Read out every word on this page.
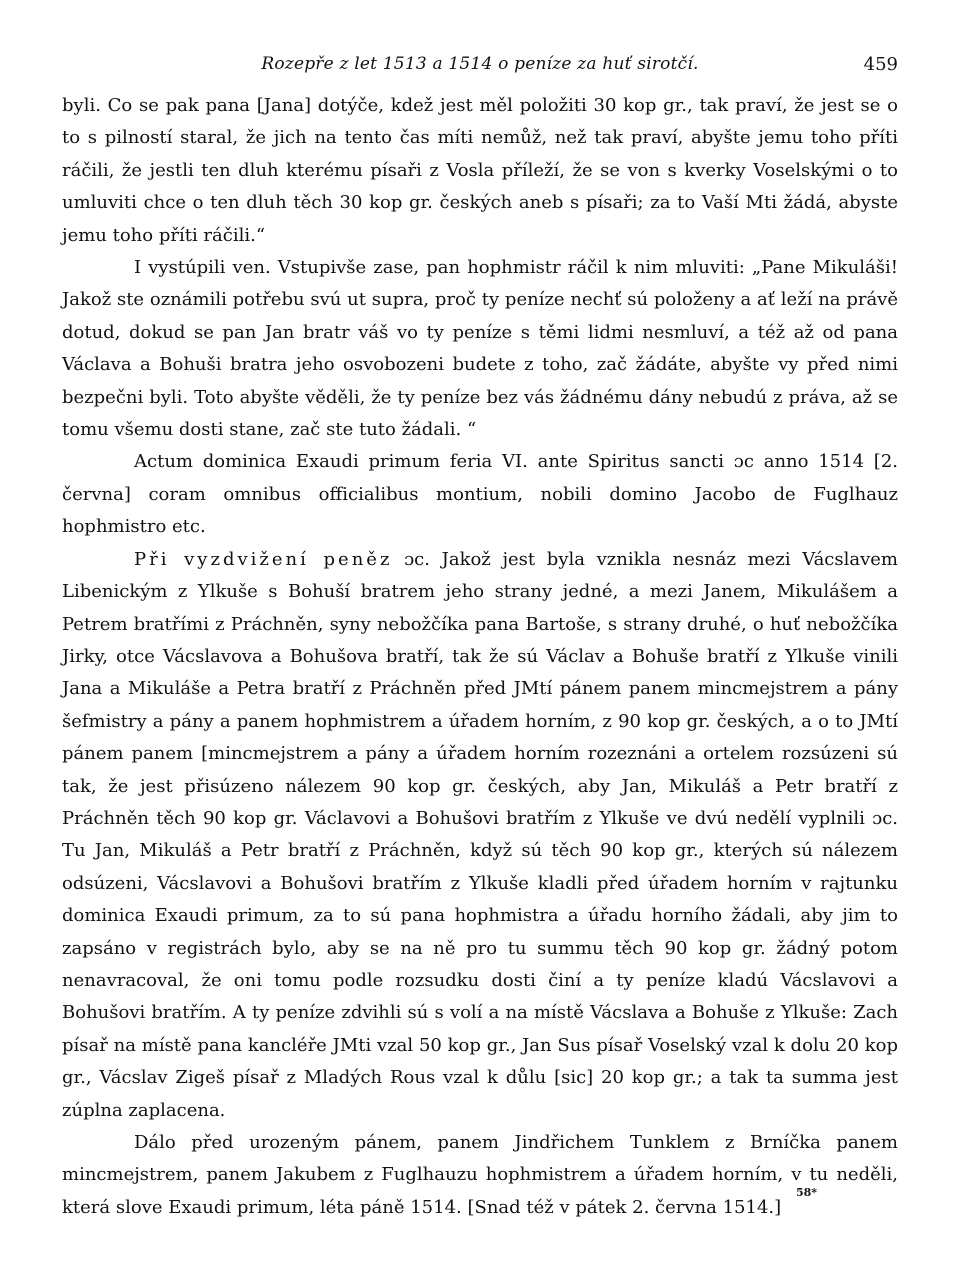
Rozepře z let 1513 a 1514 o peníze za huť sirotčí.	459

byli. Co se pak pana [Jana] dotýče, kdež jest měl položiti 30 kop gr., tak praví, že jest se o to s pilností staral, že jich na tento čas míti nemůž, než tak praví, abyšte jemu toho příti ráčili, že jestli ten dluh kterému písaři z Vosla příleží, že se von s kverky Voselskými o to umluviti chce o ten dluh těch 30 kop gr. českých aneb s písaři; za to Vaší Mti žádá, abyste jemu toho příti ráčili.“

I vystúpili ven. Vstupivše zase, pan hophmistr ráčil k nim mluviti: „Pane Mikuláši! Jakož ste oznámili potřebu svú ut supra, proč ty peníze nechť sú položeny a ať leží na právě dotud, dokud se pan Jan bratr váš vo ty peníze s těmi lidmi nesmluví, a též až od pana Václava a Bohuši bratra jeho osvobozeni budete z toho, zač žádáte, abyšte vy před nimi bezpečni byli. Toto abyšte věděli, že ty peníze bez vás žádnému dány nebudú z práva, až se tomu všemu dosti stane, zač ste tuto žádali. “

Actum dominica Exaudi primum feria VI. ante Spiritus sancti ɔc anno 1514 [2. června] coram omnibus officialibus montium, nobili domino Jacobo de Fuglhauz hophmistro etc.

Při vyzdvižení peněz ɔc. Jakož jest byla vznikla nesnáz mezi Vácslavem Libenickým z Ylkuše s Bohuší bratrem jeho strany jedné, a mezi Janem, Mikulášem a Petrem bratřími z Práchněn, syny nebožčíka pana Bartoše, s strany druhé, o huť nebožčíka Jirky, otce Vácslavova a Bohušova bratří, tak že sú Václav a Bohuše bratří z Ylkuše vinili Jana a Mikuláše a Petra bratří z Práchněn před JMtí pánem panem mincmejstrem a pány šefmistry a pány a panem hophmistrem a úřadem horním, z 90 kop gr. českých, a o to JMtí pánem panem [mincmejstrem a pány a úřadem horním rozeznáni a ortelem rozsúzeni sú tak, že jest přisúzeno nálezem 90 kop gr. českých, aby Jan, Mikuláš a Petr bratří z Práchněn těch 90 kop gr. Václavovi a Bohušovi bratřím z Ylkuše ve dvú nedělí vyplnili ɔc. Tu Jan, Mikuláš a Petr bratří z Práchněn, když sú těch 90 kop gr., kterých sú nálezem odsúzeni, Vácslavovi a Bohušovi bratřím z Ylkuše kladli před úřadem horním v rajtunku dominica Exaudi primum, za to sú pana hophmistra a úřadu horního žádali, aby jim to zapsáno v registrách bylo, aby se na ně pro tu summu těch 90 kop gr. žádný potom nenavracoval, že oni tomu podle rozsudku dosti činí a ty peníze kladú Vácslavovi a Bohušovi bratřím. A ty peníze zdvihli sú s volí a na místě Vácslava a Bohuše z Ylkuše: Zach písař na místě pana kancléře JMti vzal 50 kop gr., Jan Sus písař Voselský vzal k dolu 20 kop gr., Vácslav Zigeš písař z Mladých Rous vzal k důlu [sic] 20 kop gr.; a tak ta summa jest zúplna zaplacena.

Dálo před urozeným pánem, panem Jindřichem Tunklem z Brníčka panem mincmejstrem, panem Jakubem z Fuglhauzu hophmistrem a úřadem horním, v tu neděli, která slove Exaudi primum, léta páně 1514. [Snad též v pátek 2. června 1514.]

58*
